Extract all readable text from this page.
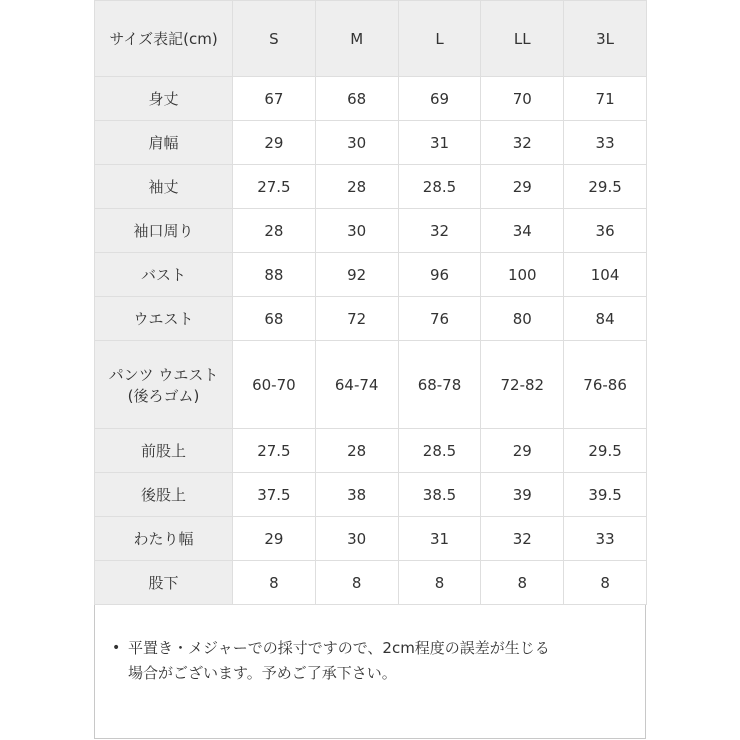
サイズ表記(cm)	S	M	L	LL	3L
身丈	67	68	69	70	71
肩幅	29	30	31	32	33
袖丈	27.5	28	28.5	29	29.5
袖口周り	28	30	32	34	36
バスト	88	92	96	100	104
ウエスト	68	72	76	80	84

パンツ ウエスト
(後ろゴム)	60-70	64-74	68-78	72-82	76-86
前股上	27.5	28	28.5	29	29.5
後股上	37.5	38	38.5	39	39.5
わたり幅	29	30	31	32	33
股下	8	8	8	8	8
• 平置き・メジャーでの採寸ですので、2cm程度の誤差が生じる
場合がございます。予めご了承下さい。
